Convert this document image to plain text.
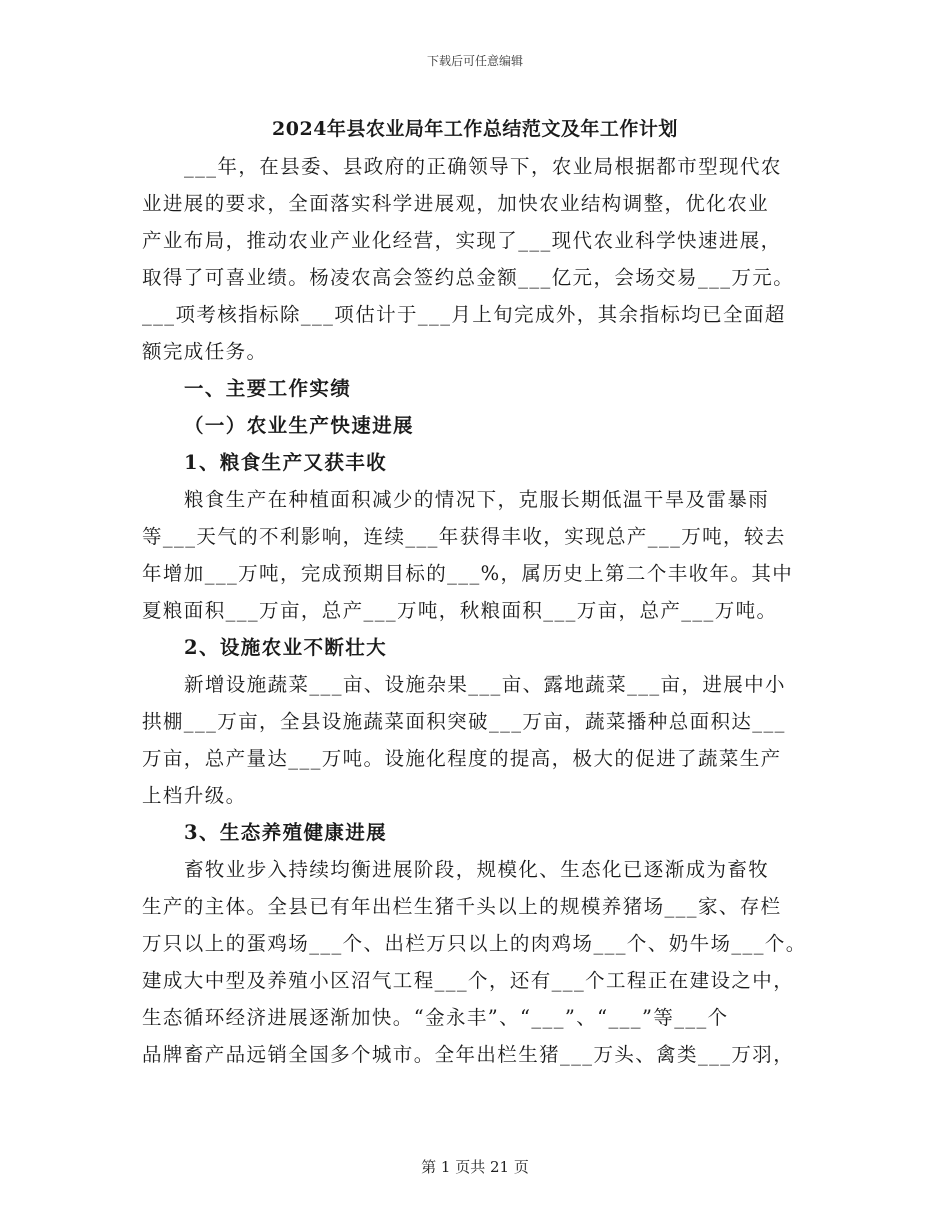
下载后可任意编辑
2024年县农业局年工作总结范文及年工作计划
___年，在县委、县政府的正确领导下，农业局根据都市型现代农
业进展的要求，全面落实科学进展观，加快农业结构调整，优化农业
产业布局，推动农业产业化经营，实现了___现代农业科学快速进展，
取得了可喜业绩。杨凌农高会签约总金额___亿元，会场交易___万元。
___项考核指标除___项估计于___月上旬完成外，其余指标均已全面超
额完成任务。
一、主要工作实绩
（一）农业生产快速进展
1、粮食生产又获丰收
粮食生产在种植面积减少的情况下，克服长期低温干旱及雷暴雨
等___天气的不利影响，连续___年获得丰收，实现总产___万吨，较去
年增加___万吨，完成预期目标的___%，属历史上第二个丰收年。其中
夏粮面积___万亩，总产___万吨，秋粮面积___万亩，总产___万吨。
2、设施农业不断壮大
新增设施蔬菜___亩、设施杂果___亩、露地蔬菜___亩，进展中小
拱棚___万亩，全县设施蔬菜面积突破___万亩，蔬菜播种总面积达___
万亩，总产量达___万吨。设施化程度的提高，极大的促进了蔬菜生产
上档升级。
3、生态养殖健康进展
畜牧业步入持续均衡进展阶段，规模化、生态化已逐渐成为畜牧
生产的主体。全县已有年出栏生猪千头以上的规模养猪场___家、存栏
万只以上的蛋鸡场___个、出栏万只以上的肉鸡场___个、奶牛场___个。
建成大中型及养殖小区沼气工程___个，还有___个工程正在建设之中，
生态循环经济进展逐渐加快。“金永丰”、“___”、“___”等___个
品牌畜产品远销全国多个城市。全年出栏生猪___万头、禽类___万羽，
第 1 页共 21 页
